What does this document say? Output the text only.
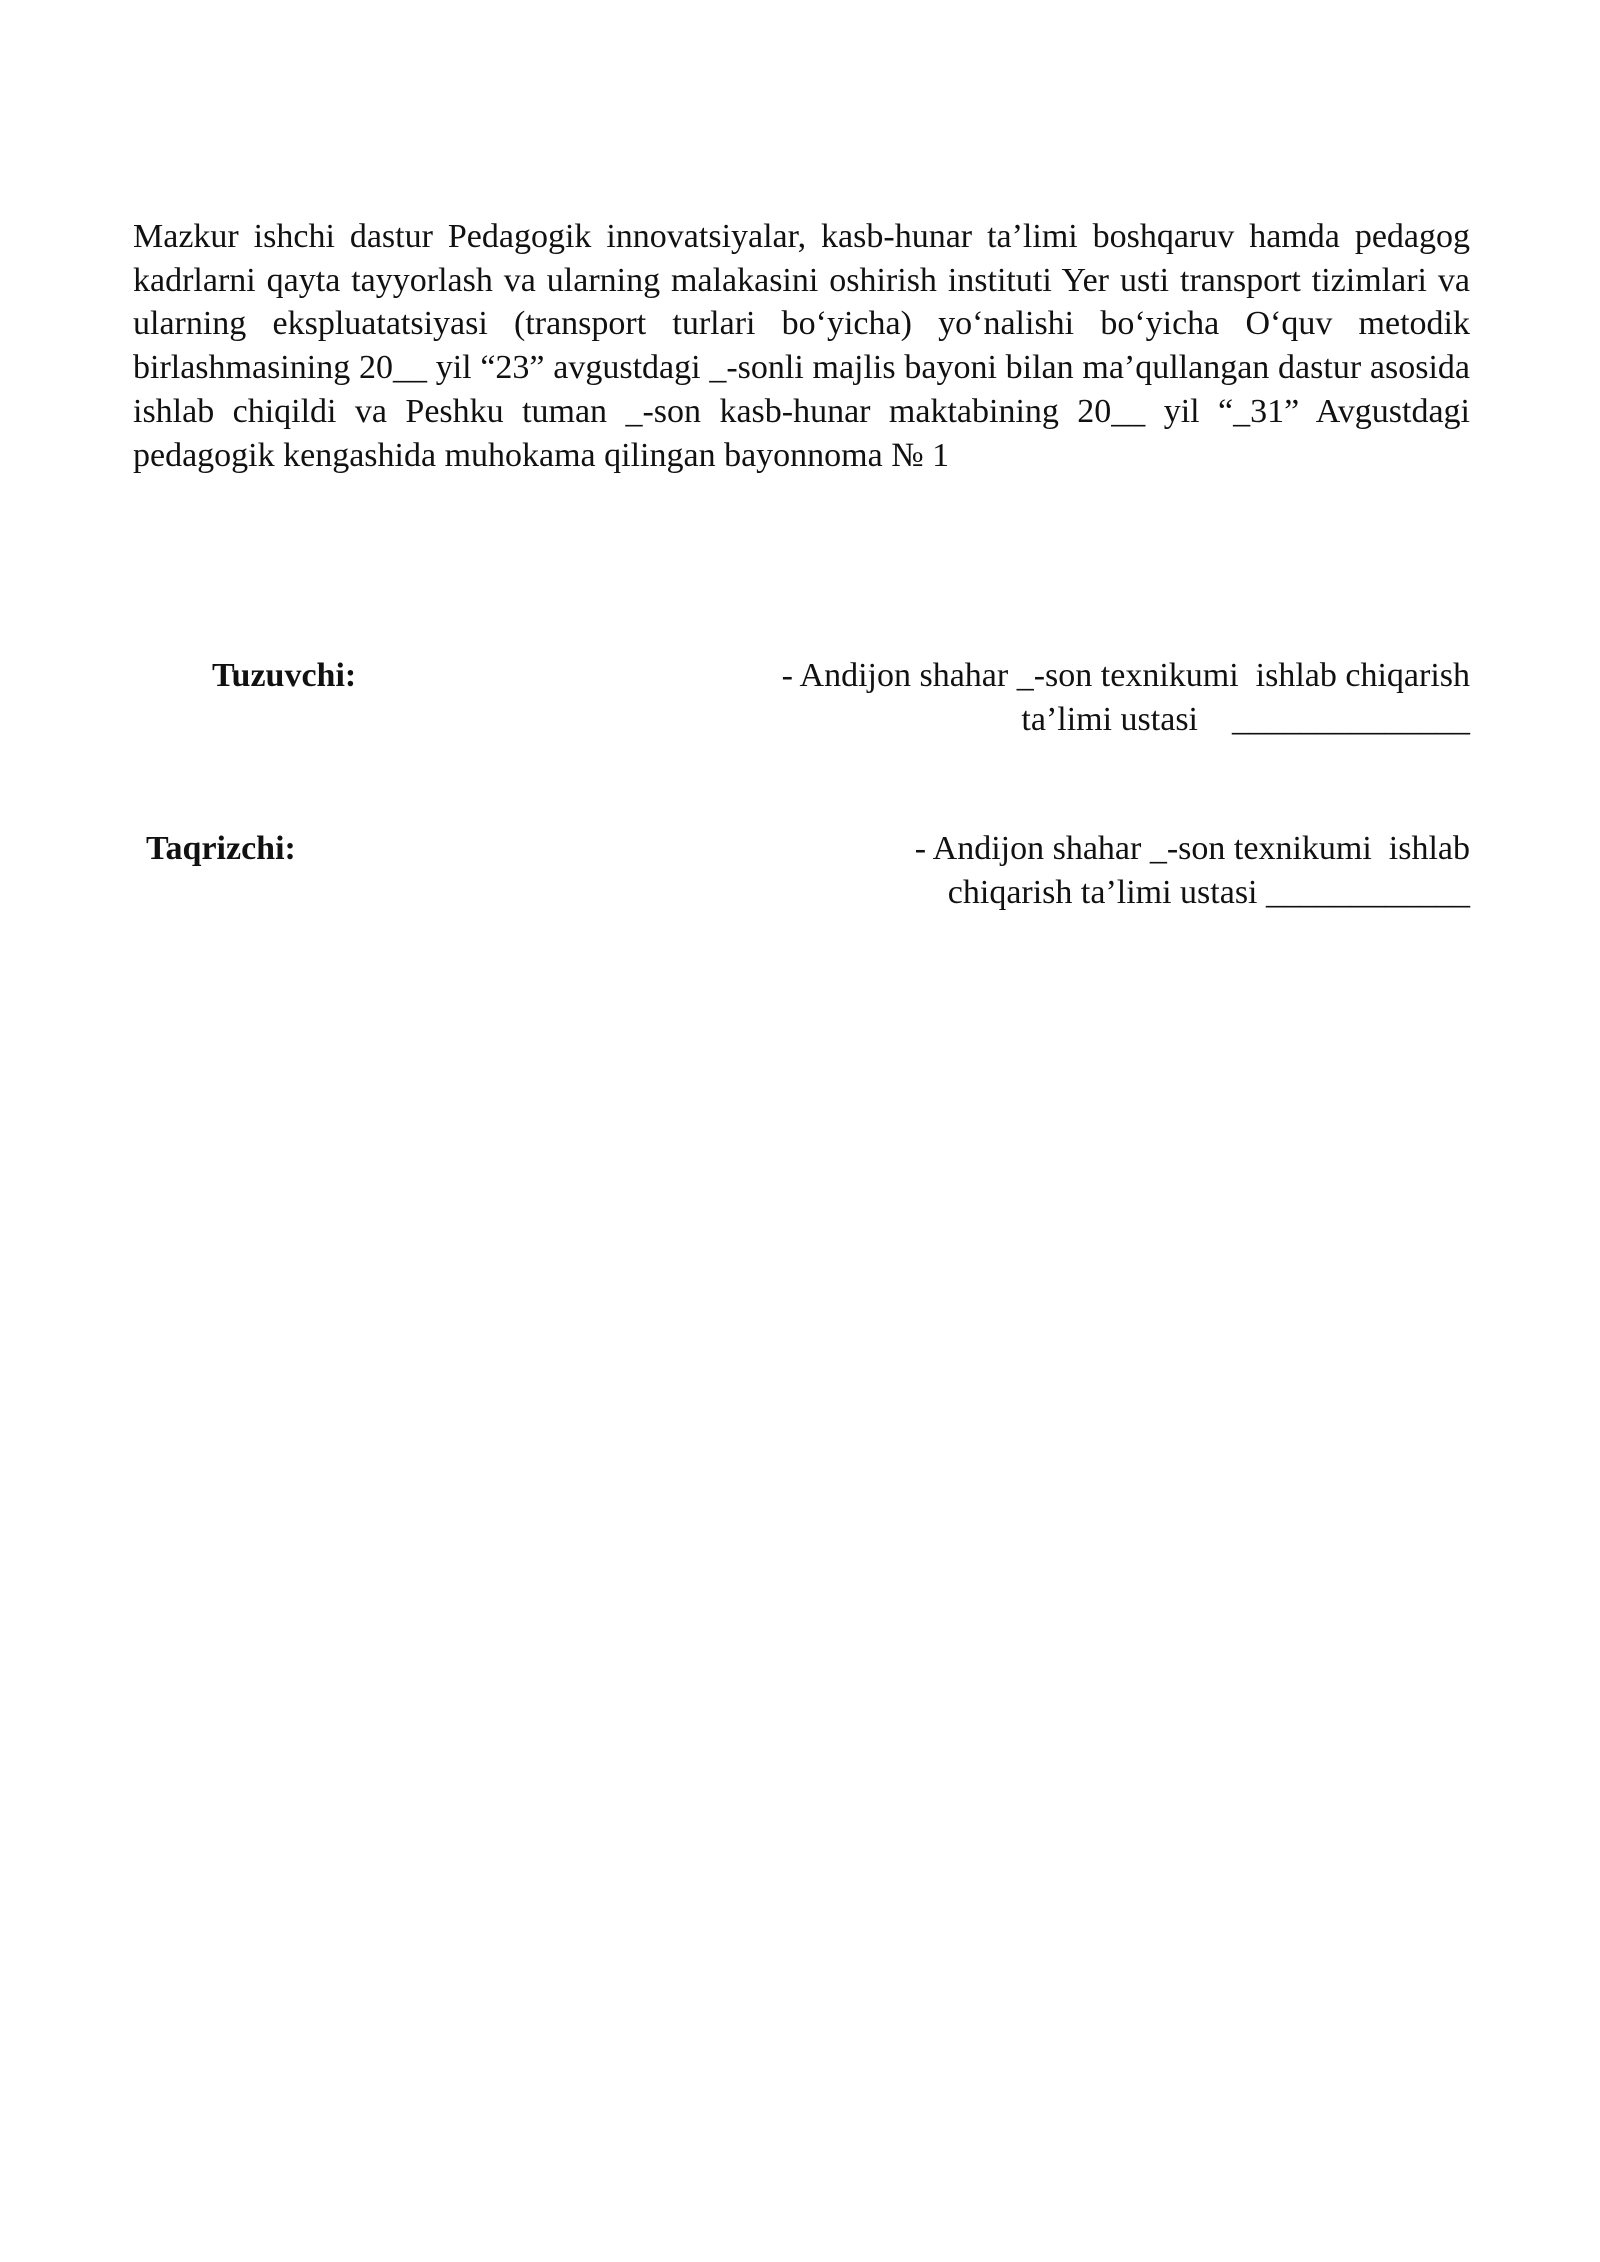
Mazkur ishchi dastur Pedagogik innovatsiyalar, kasb-hunar ta’limi boshqaruv hamda pedagog kadrlarni qayta tayyorlash va ularning malakasini oshirish instituti Yer usti transport tizimlari va ularning ekspluatatsiyasi (transport turlari bo‘yicha) yo‘nalishi bo‘yicha O‘quv metodik birlashmasining 20__ yil “23” avgustdagi _-sonli majlis bayoni bilan ma’qullangan dastur asosida ishlab chiqildi va Peshku tuman _-son kasb-hunar maktabining 20__ yil “_31” Avgustdagi pedagogik kengashida muhokama qilingan bayonnoma № 1

Tuzuvchi:	- Andijon shahar _-son texnikumi  ishlab chiqarish
ta’limi ustasi    ______________

Taqrizchi:	- Andijon shahar _-son texnikumi  ishlab
chiqarish ta’limi ustasi ____________
